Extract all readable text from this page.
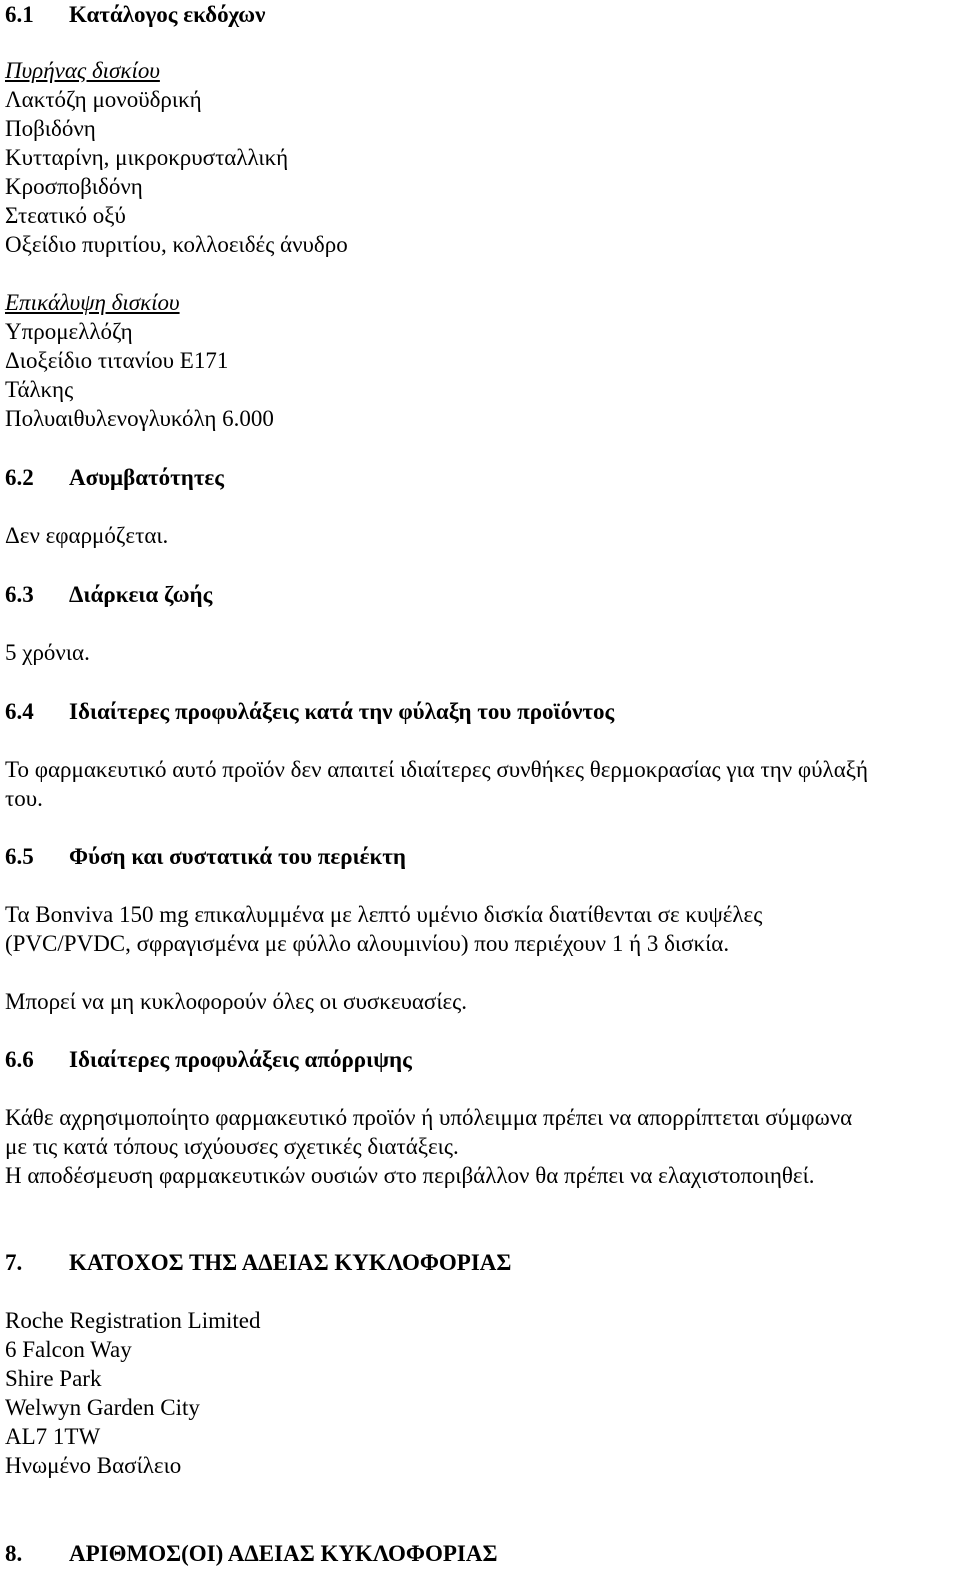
6.1 Κατάλογος εκδόχων
Πυρήνας δισκίου
Λακτόζη μονοϋδρική
Ποβιδόνη
Κυτταρίνη, μικροκρυσταλλική
Κροσποβιδόνη
Στεατικό οξύ
Οξείδιο πυριτίου, κολλοειδές άνυδρο
Επικάλυψη δισκίου
Υπρομελλόζη
Διοξείδιο τιτανίου E171
Τάλκης
Πολυαιθυλενογλυκόλη 6.000
6.2 Ασυμβατότητες
Δεν εφαρμόζεται.
6.3 Διάρκεια ζωής
5 χρόνια.
6.4 Ιδιαίτερες προφυλάξεις κατά την φύλαξη του προϊόντος
Το φαρμακευτικό αυτό προϊόν δεν απαιτεί ιδιαίτερες συνθήκες θερμοκρασίας για την φύλαξή
του.
6.5 Φύση και συστατικά του περιέκτη
Τα Bonviva 150 mg επικαλυμμένα με λεπτό υμένιο δισκία διατίθενται σε κυψέλες
(PVC/PVDC, σφραγισμένα με φύλλο αλουμινίου) που περιέχουν 1 ή 3 δισκία.
Μπορεί να μη κυκλοφορούν όλες οι συσκευασίες.
6.6 Ιδιαίτερες προφυλάξεις απόρριψης
Κάθε αχρησιμοποίητο φαρμακευτικό προϊόν ή υπόλειμμα πρέπει να απορρίπτεται σύμφωνα
με τις κατά τόπους ισχύουσες σχετικές διατάξεις.
Η αποδέσμευση φαρμακευτικών ουσιών στο περιβάλλον θα πρέπει να ελαχιστοποιηθεί.
7. ΚΑΤΟΧΟΣ ΤΗΣ ΑΔΕΙΑΣ ΚΥΚΛΟΦΟΡΙΑΣ
Roche Registration Limited
6 Falcon Way
Shire Park
Welwyn Garden City
AL7 1TW
Ηνωμένο Βασίλειο
8. ΑΡΙΘΜΟΣ(ΟΙ) ΑΔΕΙΑΣ ΚΥΚΛΟΦΟΡΙΑΣ
